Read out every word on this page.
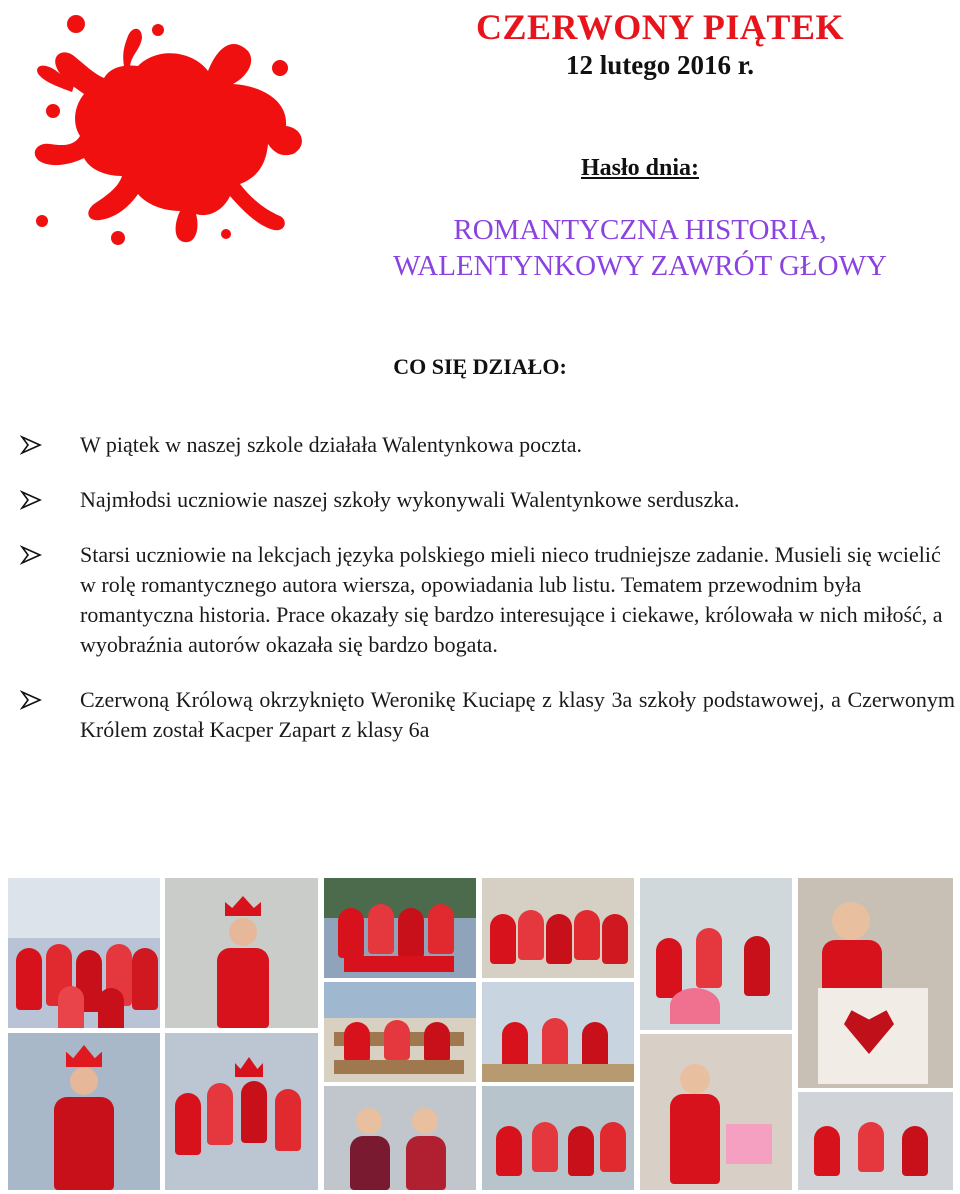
CZERWONY PIĄTEK
12 lutego 2016 r.
Hasło dnia:
ROMANTYCZNA HISTORIA,
WALENTYNKOWY ZAWRÓT GŁOWY
CO SIĘ DZIAŁO:
W piątek w naszej szkole działała Walentynkowa poczta.
Najmłodsi uczniowie naszej szkoły wykonywali Walentynkowe serduszka.
Starsi uczniowie na lekcjach języka polskiego mieli nieco trudniejsze zadanie. Musieli się wcielić
w rolę romantycznego autora wiersza, opowiadania lub listu. Tematem przewodnim była romantyczna historia. Prace okazały się bardzo interesujące i ciekawe, królowała w nich miłość, a wyobraźnia autorów okazała się bardzo bogata.
Czerwoną Królową okrzyknięto Weronikę Kuciapę z klasy 3a szkoły podstawowej, a Czerwonym Królem został Kacper Zapart z klasy 6a
